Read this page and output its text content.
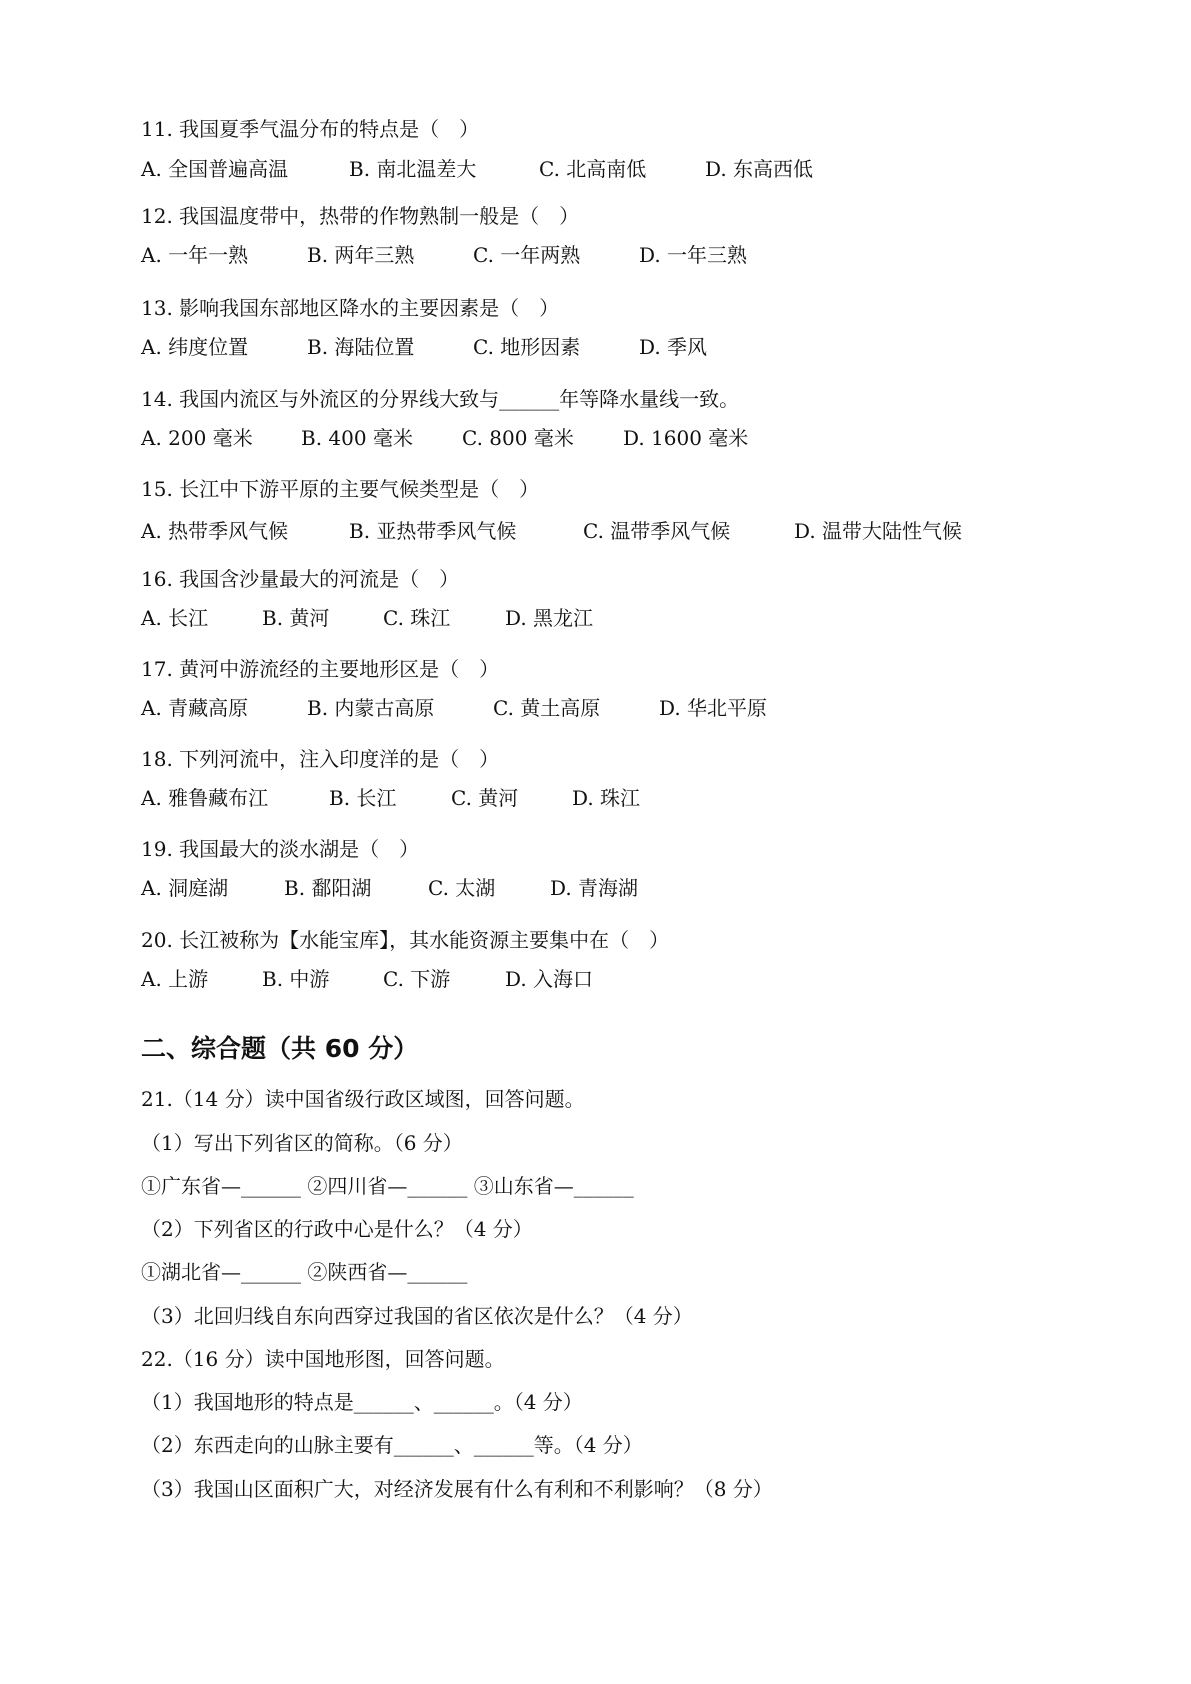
11. 我国夏季气温分布的特点是（　）
A. 全国普遍高温	B. 南北温差大	C. 北高南低	D. 东高西低
12. 我国温度带中，热带的作物熟制一般是（　）
A. 一年一熟	B. 两年三熟	C. 一年两熟	D. 一年三熟
13. 影响我国东部地区降水的主要因素是（　）
A. 纬度位置	B. 海陆位置	C. 地形因素	D. 季风
14. 我国内流区与外流区的分界线大致与______年等降水量线一致。
A. 200 毫米 B. 400 毫米 C. 800 毫米 D. 1600 毫米
15. 长江中下游平原的主要气候类型是（　）
A. 热带季风气候	B. 亚热带季风气候	C. 温带季风气候	D. 温带大陆性气候
16. 我国含沙量最大的河流是（　）
A. 长江	B. 黄河	C. 珠江	D. 黑龙江
17. 黄河中游流经的主要地形区是（　）
A. 青藏高原	B. 内蒙古高原	C. 黄土高原	D. 华北平原
18. 下列河流中，注入印度洋的是（　）
A. 雅鲁藏布江	B. 长江	C. 黄河	D. 珠江
19. 我国最大的淡水湖是（　）
A. 洞庭湖	B. 鄱阳湖	C. 太湖	D. 青海湖
20. 长江被称为【水能宝库】，其水能资源主要集中在（　）
A. 上游	B. 中游	C. 下游	D. 入海口
二、综合题（共 60 分）
21.（14 分）读中国省级行政区域图，回答问题。
（1）写出下列省区的简称。（6 分）
①广东省—______ ②四川省—______ ③山东省—______
（2）下列省区的行政中心是什么？（4 分）
①湖北省—______ ②陕西省—______
（3）北回归线自东向西穿过我国的省区依次是什么？（4 分）
22.（16 分）读中国地形图，回答问题。
（1）我国地形的特点是______、______。（4 分）
（2）东西走向的山脉主要有______、______等。（4 分）
（3）我国山区面积广大，对经济发展有什么有利和不利影响？（8 分）
